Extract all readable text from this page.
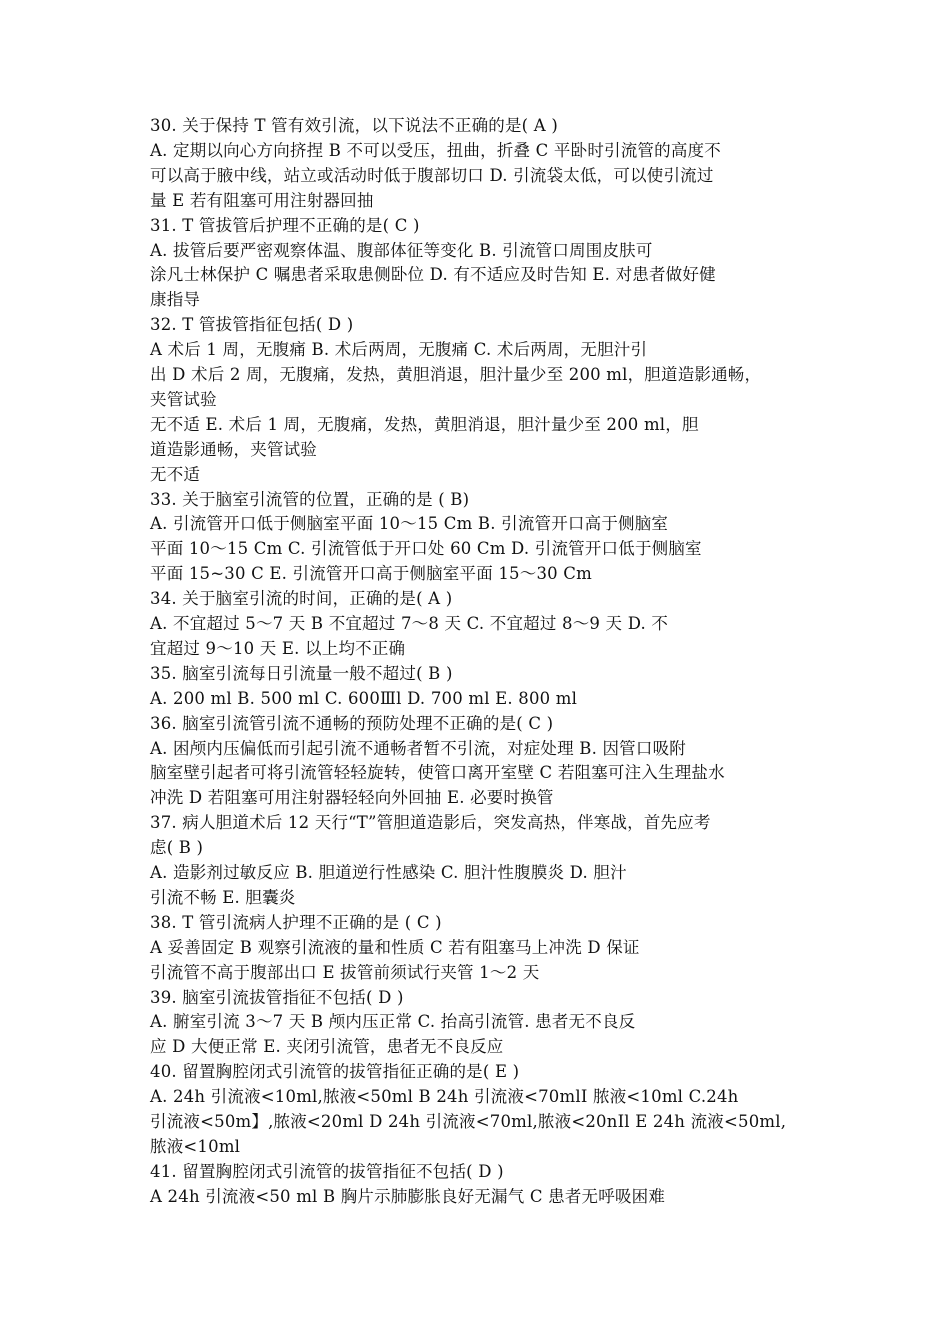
30. 关于保持 T 管有效引流，以下说法不正确的是( A )
A. 定期以向心方向挤捏 B 不可以受压，扭曲，折叠 C 平卧时引流管的高度不
可以高于腋中线，站立或活动时低于腹部切口 D. 引流袋太低，可以使引流过
量 E 若有阻塞可用注射器回抽
31. T 管拔管后护理不正确的是( C )
A. 拔管后要严密观察体温、腹部体征等变化 B. 引流管口周围皮肤可
涂凡士林保护 C 嘱患者采取患侧卧位 D. 有不适应及时告知 E. 对患者做好健
康指导
32. T 管拔管指征包括( D )
A 术后 1 周，无腹痛 B. 术后两周，无腹痛 C. 术后两周，无胆汁引
出 D 术后 2 周，无腹痛，发热，黄胆消退，胆汁量少至 200 ml，胆道造影通畅，
夹管试验
无不适 E. 术后 1 周，无腹痛，发热，黄胆消退，胆汁量少至 200 ml，胆
道造影通畅，夹管试验
无不适
33. 关于脑室引流管的位置，正确的是 ( B)
A. 引流管开口低于侧脑室平面 10～15 Cm B. 引流管开口高于侧脑室
平面 10～15 Cm C. 引流管低于开口处 60 Cm D. 引流管开口低于侧脑室
平面 15~30 C E. 引流管开口高于侧脑室平面 15～30 Cm
34. 关于脑室引流的时间，正确的是( A )
A. 不宜超过 5～7 天 B 不宜超过 7～8 天 C. 不宜超过 8～9 天 D. 不
宜超过 9～10 天 E. 以上均不正确
35. 脑室引流每日引流量一般不超过( B )
A. 200 ml B. 500 ml C. 600Ⅲl D. 700 ml E. 800 ml
36. 脑室引流管引流不通畅的预防处理不正确的是( C )
A. 困颅内压偏低而引起引流不通畅者暂不引流，对症处理 B. 因管口吸附
脑室壁引起者可将引流管轻轻旋转，使管口离开室壁 C 若阻塞可注入生理盐水
冲洗 D 若阻塞可用注射器轻轻向外回抽 E. 必要时换管
37. 病人胆道术后 12 天行“T”管胆道造影后，突发高热，伴寒战，首先应考
虑( B )
A. 造影剂过敏反应 B. 胆道逆行性感染 C. 胆汁性腹膜炎 D. 胆汁
引流不畅 E. 胆囊炎
38. T 管引流病人护理不正确的是 ( C )
A 妥善固定 B 观察引流液的量和性质 C 若有阻塞马上冲洗 D 保证
引流管不高于腹部出口 E 拔管前须试行夹管 1～2 天
39. 脑室引流拔管指征不包括( D )
A. 腑室引流 3～7 天 B 颅内压正常 C. 抬高引流管. 患者无不良反
应 D 大便正常 E. 夹闭引流管，患者无不良反应
40. 留置胸腔闭式引流管的拔管指征正确的是( E )
A. 24h 引流液<10ml,脓液<50ml B 24h 引流液<70mlI 脓液<10ml C.24h
引流液<50m】,脓液<20ml D 24h 引流液<70ml,脓液<20nIl E 24h 流液<50ml,
脓液<10ml
41. 留置胸腔闭式引流管的拔管指征不包括( D )
A 24h 引流液<50 ml B 胸片示肺膨胀良好无漏气 C 患者无呼吸困难
